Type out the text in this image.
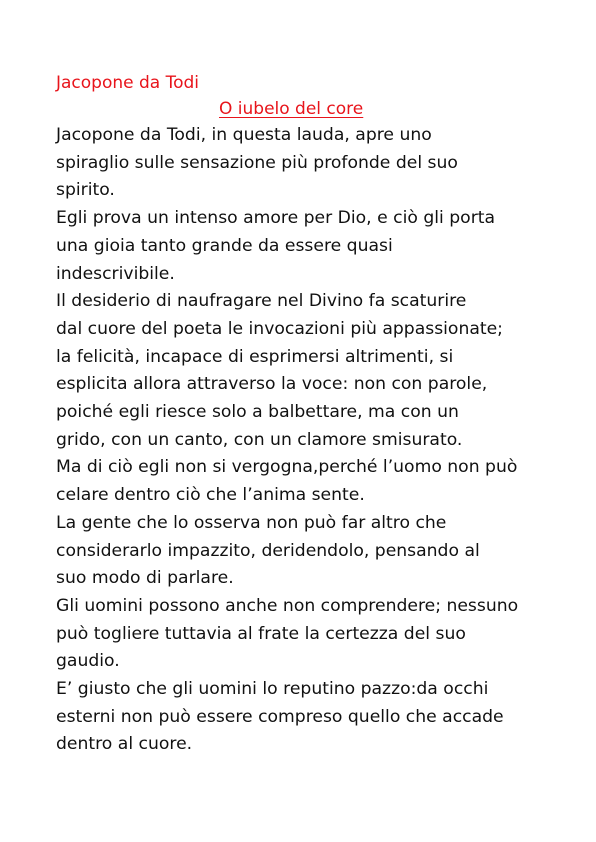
Jacopone da Todi

O iubelo del core

Jacopone da Todi, in questa lauda, apre uno
spiraglio sulle sensazione più profonde del suo
spirito.
Egli prova un intenso amore per Dio, e ciò gli porta
una gioia tanto grande da essere quasi
indescrivibile.
Il desiderio di naufragare nel Divino fa scaturire
dal cuore del poeta le invocazioni più appassionate;
la felicità, incapace di esprimersi altrimenti, si
esplicita allora attraverso la voce: non con parole,
poiché egli riesce solo a balbettare, ma con un
grido, con un canto, con un clamore smisurato.
Ma di ciò egli non si vergogna,perché l’uomo non può
celare dentro ciò che l’anima sente.
La gente che lo osserva non può far altro che
considerarlo impazzito, deridendolo, pensando al
suo modo di parlare.
Gli uomini possono anche non comprendere; nessuno
può togliere tuttavia al frate la certezza del suo
gaudio.
E’ giusto che gli uomini lo reputino pazzo:da occhi
esterni non può essere compreso quello che accade
dentro al cuore.
